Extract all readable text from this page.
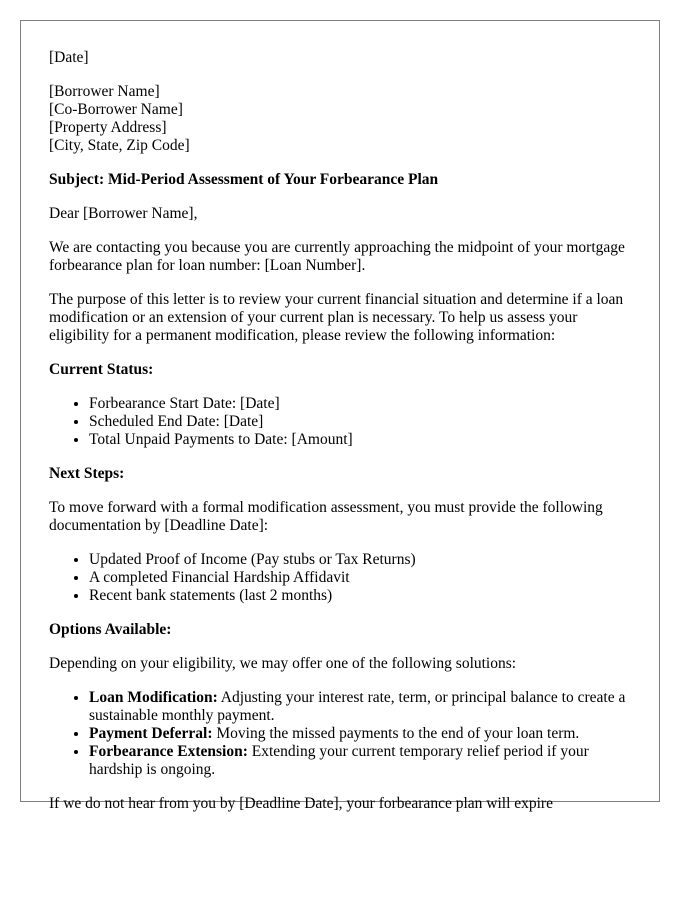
[Date]

[Borrower Name]
[Co-Borrower Name]
[Property Address]
[City, State, Zip Code]

Subject: Mid-Period Assessment of Your Forbearance Plan

Dear [Borrower Name],

We are contacting you because you are currently approaching the midpoint of your mortgage forbearance plan for loan number: [Loan Number].

The purpose of this letter is to review your current financial situation and determine if a loan modification or an extension of your current plan is necessary. To help us assess your eligibility for a permanent modification, please review the following information:

Current Status:

• Forbearance Start Date: [Date]
• Scheduled End Date: [Date]
• Total Unpaid Payments to Date: [Amount]

Next Steps:

To move forward with a formal modification assessment, you must provide the following documentation by [Deadline Date]:

• Updated Proof of Income (Pay stubs or Tax Returns)
• A completed Financial Hardship Affidavit
• Recent bank statements (last 2 months)

Options Available:

Depending on your eligibility, we may offer one of the following solutions:

• Loan Modification: Adjusting your interest rate, term, or principal balance to create a sustainable monthly payment.
• Payment Deferral: Moving the missed payments to the end of your loan term.
• Forbearance Extension: Extending your current temporary relief period if your hardship is ongoing.

If we do not hear from you by [Deadline Date], your forbearance plan will expire
